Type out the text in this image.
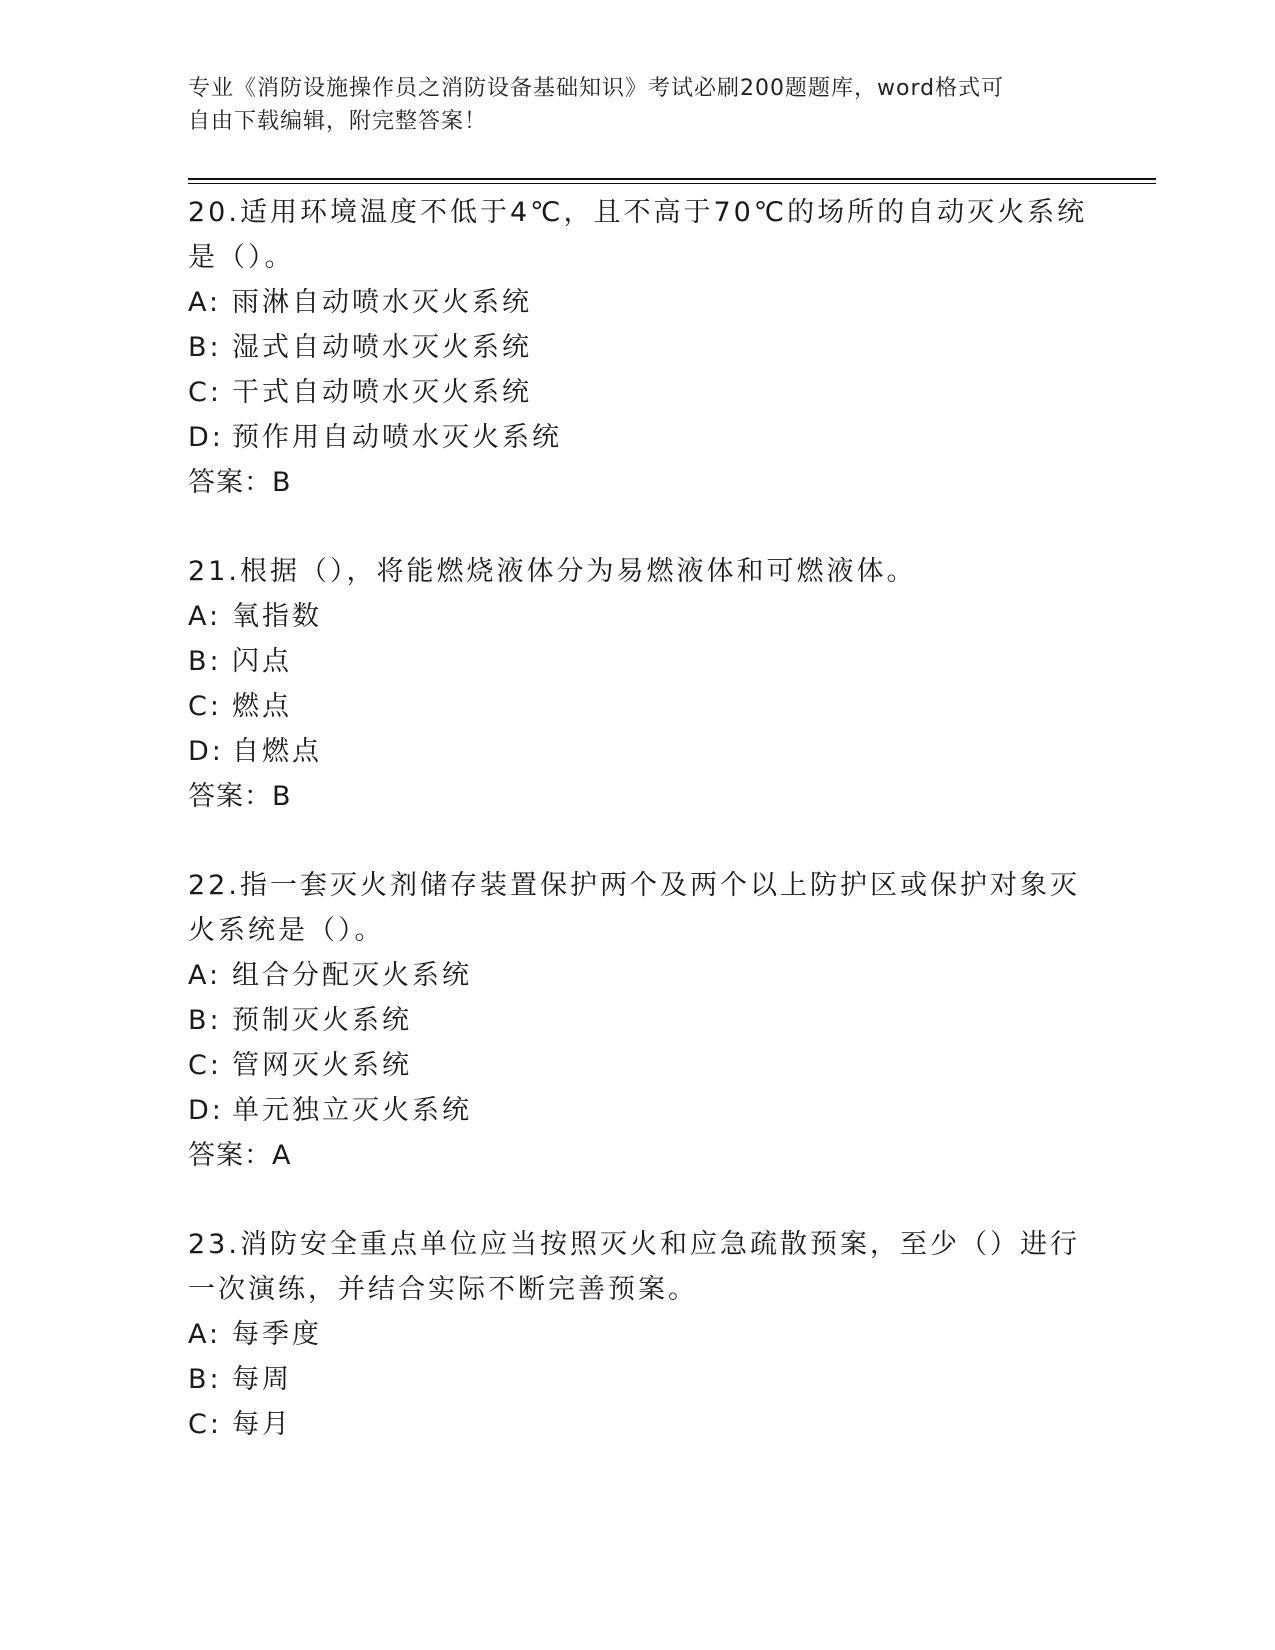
专业《消防设施操作员之消防设备基础知识》考试必刷200题题库，word格式可
自由下载编辑，附完整答案！

20.适用环境温度不低于4℃，且不高于70℃的场所的自动灭火系统是（）。

A: 雨淋自动喷水灭火系统

B: 湿式自动喷水灭火系统

C: 干式自动喷水灭火系统

D: 预作用自动喷水灭火系统

答案：B

21.根据（），将能燃烧液体分为易燃液体和可燃液体。

A: 氧指数

B: 闪点

C: 燃点

D: 自燃点

答案：B

22.指一套灭火剂储存装置保护两个及两个以上防护区或保护对象灭火系统是（）。

A: 组合分配灭火系统

B: 预制灭火系统

C: 管网灭火系统

D: 单元独立灭火系统

答案：A

23.消防安全重点单位应当按照灭火和应急疏散预案，至少（）进行一次演练，并结合实际不断完善预案。

A: 每季度

B: 每周

C: 每月
